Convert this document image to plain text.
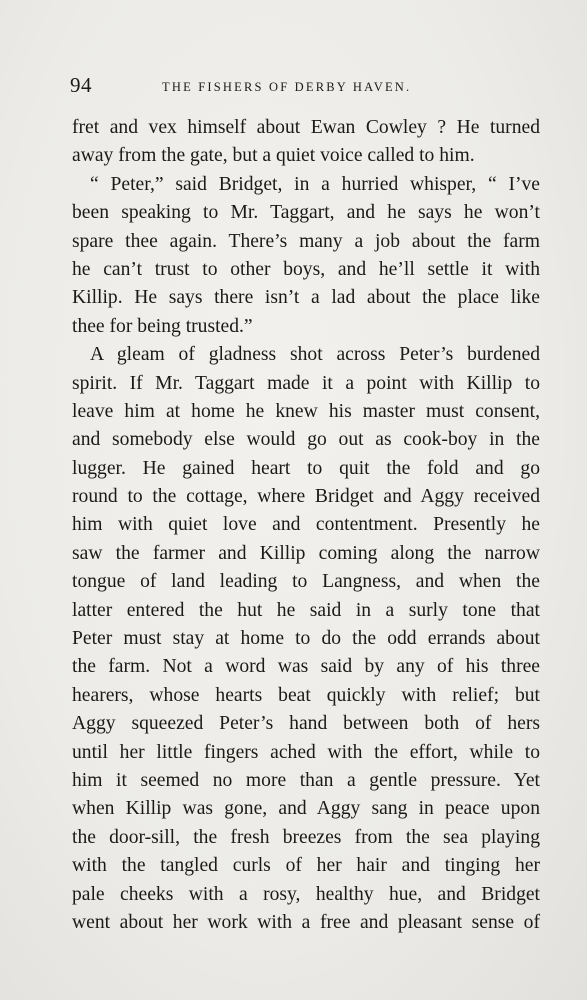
94	THE FISHERS OF DERBY HAVEN.
fret and vex himself about Ewan Cowley ? He turned
away from the gate, but a quiet voice called to him.
“ Peter,” said Bridget, in a hurried whisper, “ I’ve
been speaking to Mr. Taggart, and he says he won’t
spare thee again. There’s many a job about the farm
he can’t trust to other boys, and he’ll settle it with
Killip. He says there isn’t a lad about the place like
thee for being trusted.”
A gleam of gladness shot across Peter’s burdened
spirit. If Mr. Taggart made it a point with Killip to
leave him at home he knew his master must consent,
and somebody else would go out as cook-boy in the
lugger. He gained heart to quit the fold and go
round to the cottage, where Bridget and Aggy received
him with quiet love and contentment. Presently he
saw the farmer and Killip coming along the narrow
tongue of land leading to Langness, and when the
latter entered the hut he said in a surly tone that
Peter must stay at home to do the odd errands about
the farm. Not a word was said by any of his three
hearers, whose hearts beat quickly with relief; but
Aggy squeezed Peter’s hand between both of hers
until her little fingers ached with the effort, while to
him it seemed no more than a gentle pressure. Yet
when Killip was gone, and Aggy sang in peace upon
the door-sill, the fresh breezes from the sea playing
with the tangled curls of her hair and tinging her
pale cheeks with a rosy, healthy hue, and Bridget
went about her work with a free and pleasant sense of
